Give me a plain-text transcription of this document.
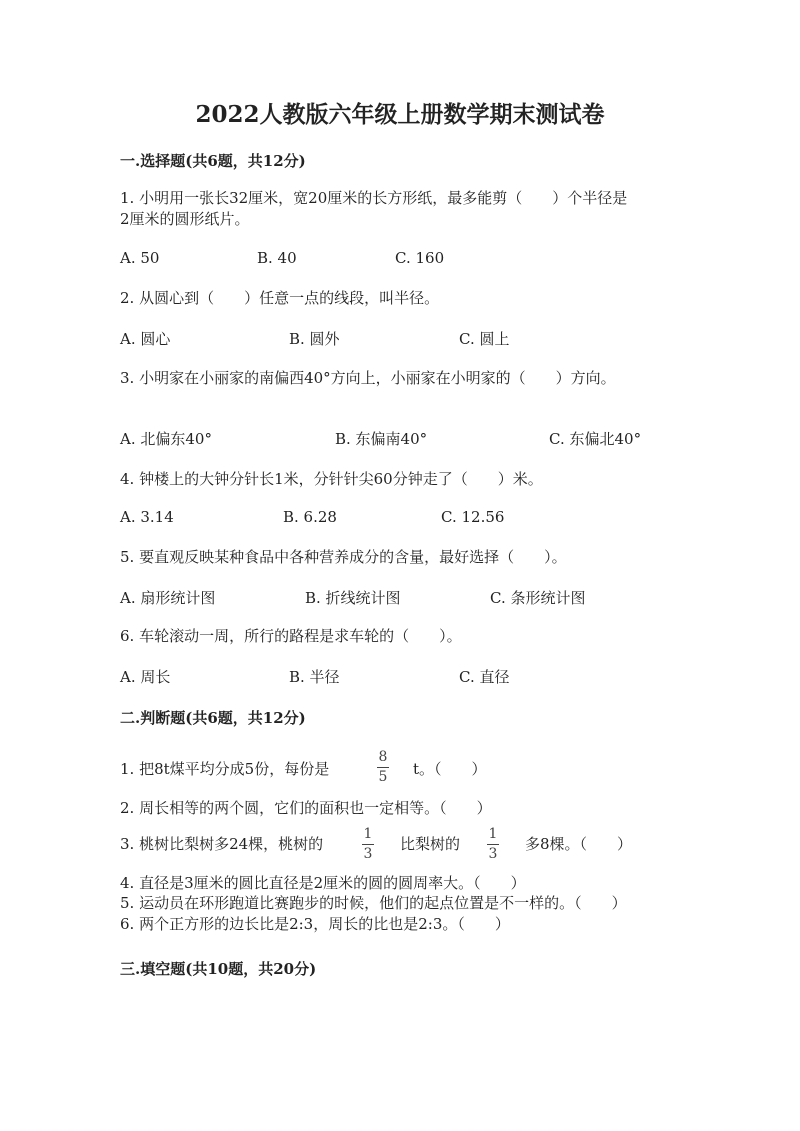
2022人教版六年级上册数学期末测试卷
一.选择题(共6题，共12分)
1. 小明用一张长32厘米，宽20厘米的长方形纸，最多能剪（　　）个半径是
2厘米的圆形纸片。
A. 50	B. 40	C. 160
2. 从圆心到（　　）任意一点的线段，叫半径。
A. 圆心	B. 圆外	C. 圆上
3. 小明家在小丽家的南偏西40°方向上，小丽家在小明家的（　　）方向。
A. 北偏东40°	B. 东偏南40°	C. 东偏北40°
4. 钟楼上的大钟分针长1米，分针针尖60分钟走了（　　）米。
A. 3.14	B. 6.28	C. 12.56
5. 要直观反映某种食品中各种营养成分的含量，最好选择（　　）。
A. 扇形统计图	B. 折线统计图	C. 条形统计图
6. 车轮滚动一周，所行的路程是求车轮的（　　）。
A. 周长	B. 半径	C. 直径
二.判断题(共6题，共12分)
1. 把8t煤平均分成5份，每份是
8
5 t。（　　）
2. 周长相等的两个圆，它们的面积也一定相等。（　　）
3. 桃树比梨树多24棵，桃树的
1
3
比梨树的
1
3
多8棵。（　　）
4. 直径是3厘米的圆比直径是2厘米的圆的圆周率大。（　　）
5. 运动员在环形跑道比赛跑步的时候，他们的起点位置是不一样的。（　　）
6. 两个正方形的边长比是2:3，周长的比也是2:3。（　　）
三.填空题(共10题，共20分)
